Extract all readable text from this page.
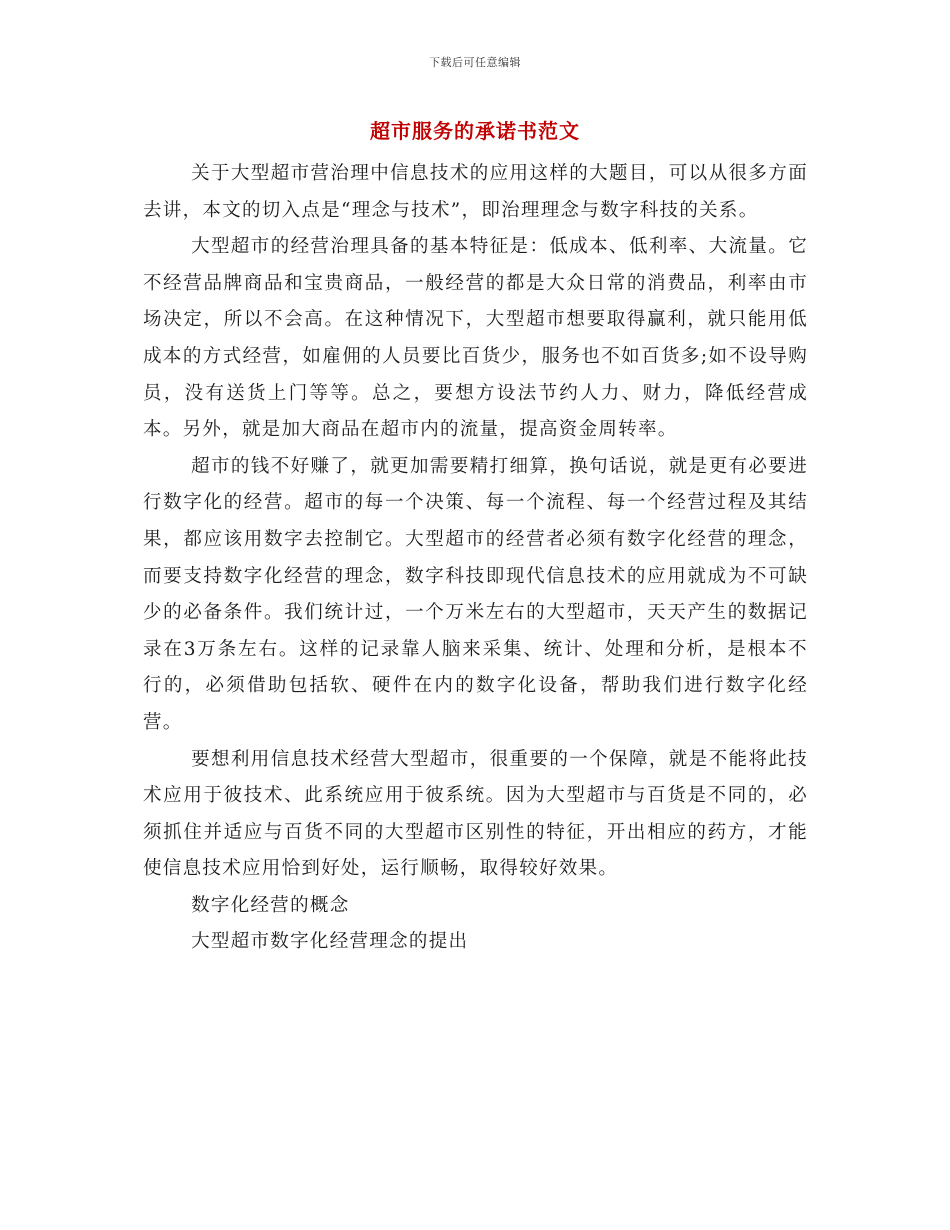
下载后可任意编辑
超市服务的承诺书范文

关于大型超市营治理中信息技术的应用这样的大题目，可以从很多方面去讲，本文的切入点是“理念与技术”，即治理理念与数字科技的关系。

大型超市的经营治理具备的基本特征是：低成本、低利率、大流量。它不经营品牌商品和宝贵商品，一般经营的都是大众日常的消费品，利率由市场决定，所以不会高。在这种情况下，大型超市想要取得赢利，就只能用低成本的方式经营，如雇佣的人员要比百货少，服务也不如百货多;如不设导购员，没有送货上门等等。总之，要想方设法节约人力、财力，降低经营成本。另外，就是加大商品在超市内的流量，提高资金周转率。

超市的钱不好赚了，就更加需要精打细算，换句话说，就是更有必要进行数字化的经营。超市的每一个决策、每一个流程、每一个经营过程及其结果，都应该用数字去控制它。大型超市的经营者必须有数字化经营的理念，而要支持数字化经营的理念，数字科技即现代信息技术的应用就成为不可缺少的必备条件。我们统计过，一个万米左右的大型超市，天天产生的数据记录在3万条左右。这样的记录靠人脑来采集、统计、处理和分析，是根本不行的，必须借助包括软、硬件在内的数字化设备，帮助我们进行数字化经营。

要想利用信息技术经营大型超市，很重要的一个保障，就是不能将此技术应用于彼技术、此系统应用于彼系统。因为大型超市与百货是不同的，必须抓住并适应与百货不同的大型超市区别性的特征，开出相应的药方，才能使信息技术应用恰到好处，运行顺畅，取得较好效果。

数字化经营的概念

大型超市数字化经营理念的提出
